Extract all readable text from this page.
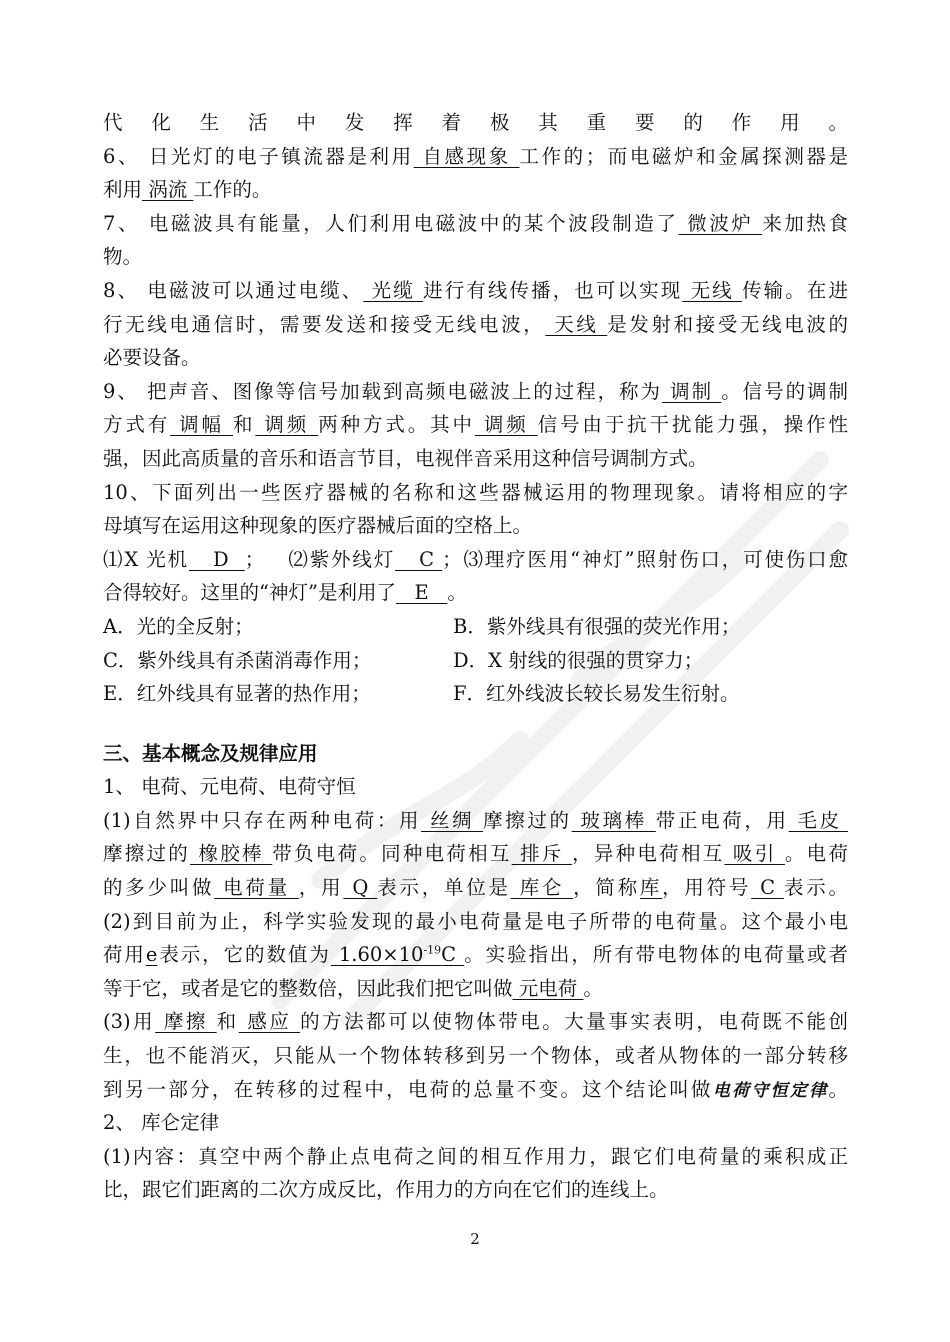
代化生活中发挥着极其重要的作用。
6、 日光灯的电子镇流器是利用 自感现象 工作的；而电磁炉和金属探测器是
利用 涡流 工作的。
7、 电磁波具有能量，人们利用电磁波中的某个波段制造了 微波炉 来加热食
物。
8、 电磁波可以通过电缆、 光缆 进行有线传播，也可以实现 无线 传输。在进
行无线电通信时，需要发送和接受无线电波， 天线 是发射和接受无线电波的
必要设备。
9、 把声音、图像等信号加载到高频电磁波上的过程，称为 调制 。信号的调制
方式有 调幅 和 调频 两种方式。其中 调频 信号由于抗干扰能力强，操作性
强，因此高质量的音乐和语言节目，电视伴音采用这种信号调制方式。
10、下面列出一些医疗器械的名称和这些器械运用的物理现象。请将相应的字
母填写在运用这种现象的医疗器械后面的空格上。
⑴X 光机   D  ；   ⑵紫外线灯   C ；⑶理疗医用“神灯”照射伤口，可使伤口愈
合得较好。这里的“神灯”是利用了   E   。
A．光的全反射；	B．紫外线具有很强的荧光作用；
C．紫外线具有杀菌消毒作用；	D．X 射线的很强的贯穿力；
E．红外线具有显著的热作用；	F．红外线波长较长易发生衍射。
三、基本概念及规律应用
1、 电荷、元电荷、电荷守恒
(1)自然界中只存在两种电荷：用 丝绸 摩擦过的 玻璃棒 带正电荷，用 毛皮
摩擦过的 橡胶棒 带负电荷。同种电荷相互 排斥 ，异种电荷相互 吸引 。电荷
的多少叫做 电荷量 ，用 Q 表示，单位是 库仑 ，简称库，用符号 C 表示。
(2)到目前为止，科学实验发现的最小电荷量是电子所带的电荷量。这个最小电
荷用e表示，它的数值为 $1.60\times 10^{-19}C$ 。实验指出，所有带电物体的电荷量或者
等于它，或者是它的整数倍，因此我们把它叫做 元电荷 。
(3)用 摩擦 和 感应 的方法都可以使物体带电。大量事实表明，电荷既不能创
生，也不能消灭，只能从一个物体转移到另一个物体，或者从物体的一部分转移
到另一部分，在转移的过程中，电荷的总量不变。这个结论叫做电荷守恒定律。
2、 库仑定律
(1)内容：真空中两个静止点电荷之间的相互作用力，跟它们电荷量的乘积成正
比，跟它们距离的二次方成反比，作用力的方向在它们的连线上。
2
